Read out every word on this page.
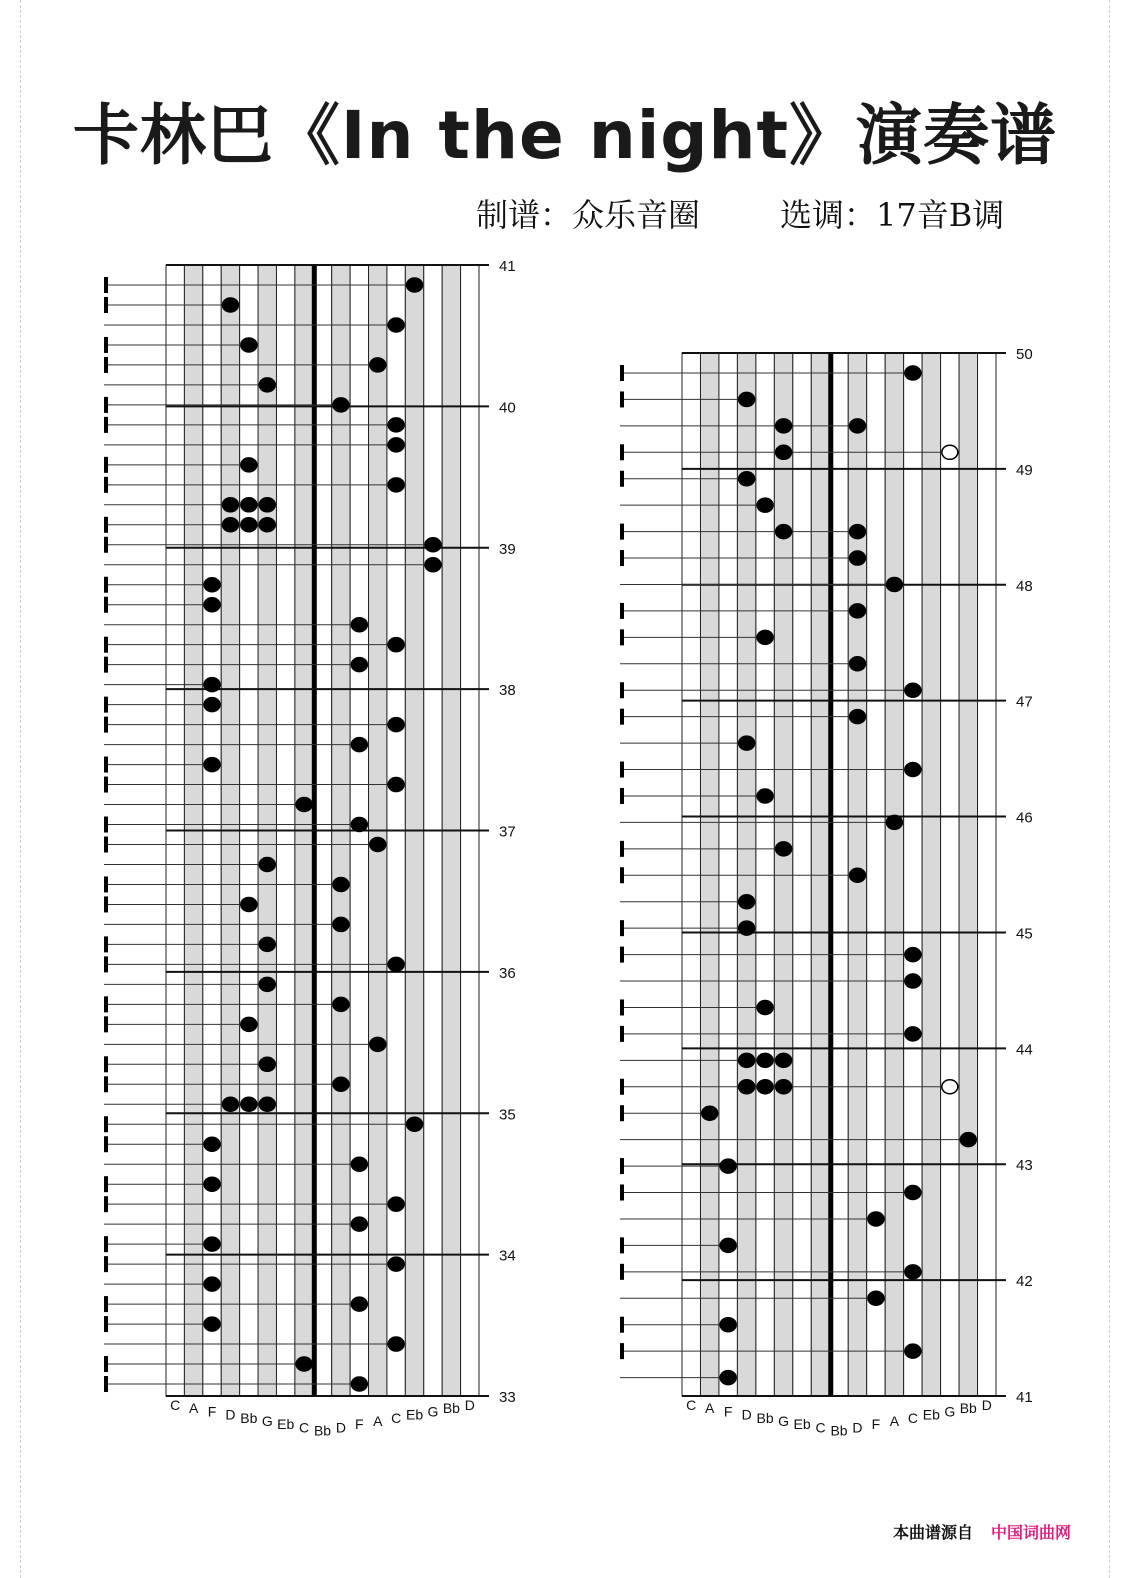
卡林巴《In the night》演奏谱
制谱：众乐音圈 选调：17音B调
C A F D Bb G Eb C Bb D F A C Eb G Bb D
41
40
39
38
37
36
35
34
33	C A F D Bb G Eb C Bb D F A C Eb G Bb D
50
49
48
47
46
45
44
43
42
41
本曲谱源自 中国词曲网
